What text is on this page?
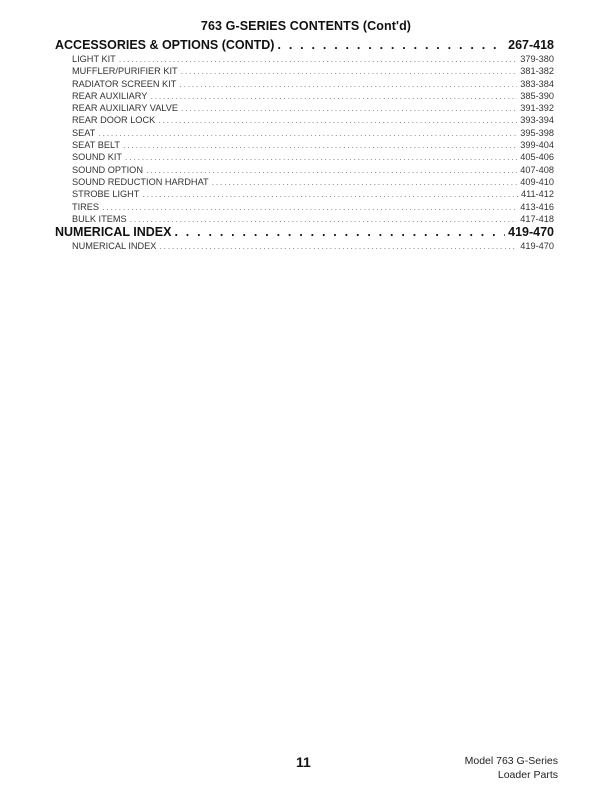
763 G-SERIES CONTENTS (Cont'd)
ACCESSORIES & OPTIONS (CONTD) . . .	267-418
LIGHT KIT .....	379-380
MUFFLER/PURIFIER KIT .....	381-382
RADIATOR SCREEN KIT .....	383-384
REAR AUXILIARY .....	385-390
REAR AUXILIARY VALVE .....	391-392
REAR DOOR LOCK .....	393-394
SEAT .....	395-398
SEAT BELT .....	399-404
SOUND KIT .....	405-406
SOUND OPTION .....	407-408
SOUND REDUCTION HARDHAT .....	409-410
STROBE LIGHT .....	411-412
TIRES .....	413-416
BULK ITEMS .....	417-418
NUMERICAL INDEX . . .	419-470
NUMERICAL INDEX .....	419-470
11	Model 763 G-Series
Loader Parts
